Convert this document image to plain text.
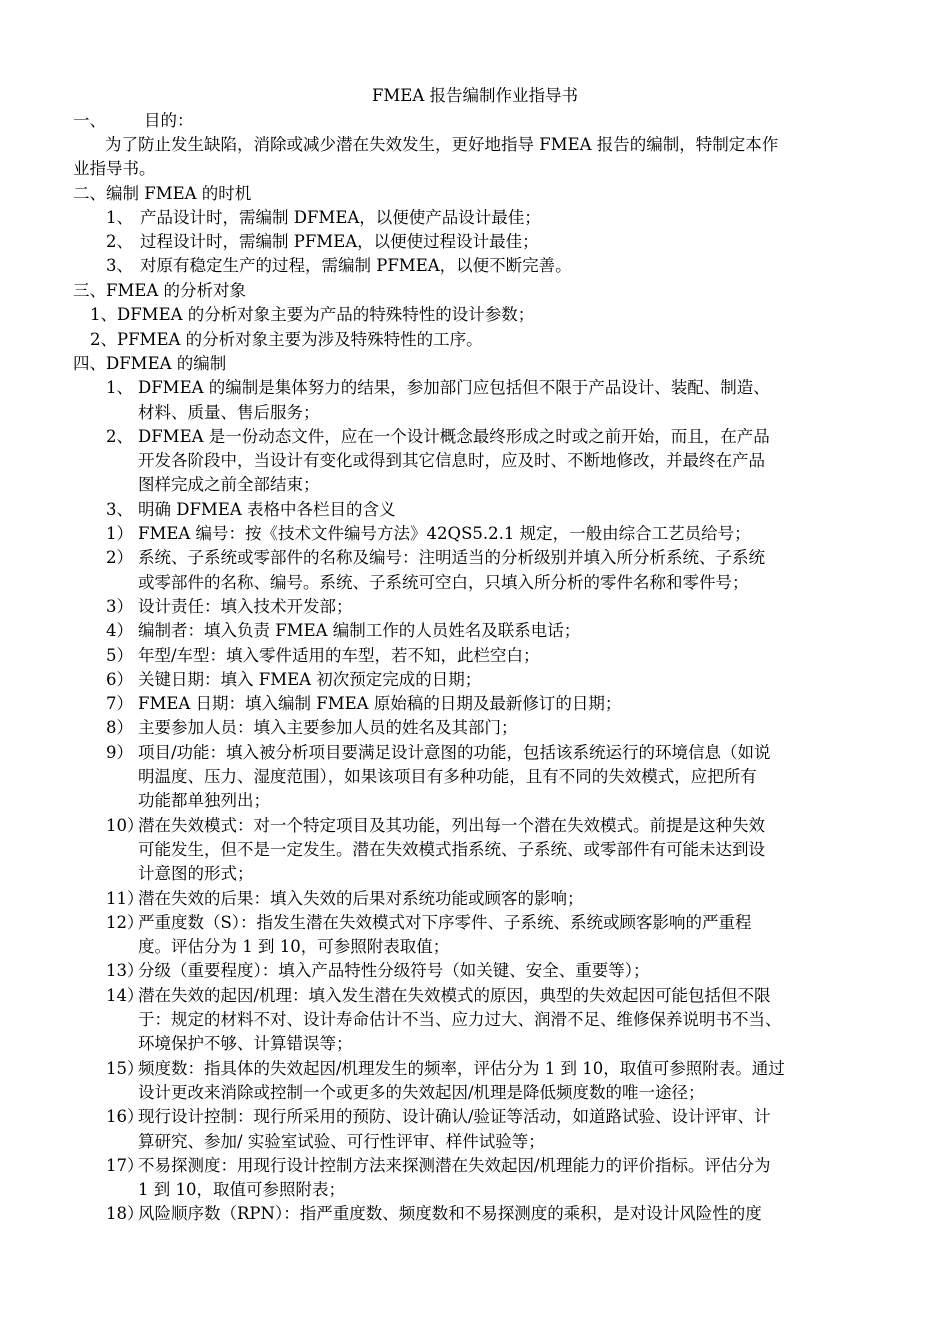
FMEA 报告编制作业指导书
一、 目的：
为了防止发生缺陷，消除或减少潜在失效发生，更好地指导 FMEA 报告的编制，特制定本作
业指导书。
二、编制 FMEA 的时机
1、 产品设计时，需编制 DFMEA，以便使产品设计最佳；
2、 过程设计时，需编制 PFMEA，以便使过程设计最佳；
3、 对原有稳定生产的过程，需编制 PFMEA，以便不断完善。
三、FMEA 的分析对象
1、DFMEA 的分析对象主要为产品的特殊特性的设计参数；
2、PFMEA 的分析对象主要为涉及特殊特性的工序。
四、DFMEA 的编制
1、 DFMEA 的编制是集体努力的结果，参加部门应包括但不限于产品设计、装配、制造、
材料、质量、售后服务；
2、 DFMEA 是一份动态文件，应在一个设计概念最终形成之时或之前开始，而且，在产品
开发各阶段中，当设计有变化或得到其它信息时，应及时、不断地修改，并最终在产品
图样完成之前全部结束；
3、 明确 DFMEA 表格中各栏目的含义
1） FMEA 编号：按《技术文件编号方法》42QS5.2.1 规定，一般由综合工艺员给号；
2） 系统、子系统或零部件的名称及编号：注明适当的分析级别并填入所分析系统、子系统
或零部件的名称、编号。系统、子系统可空白，只填入所分析的零件名称和零件号；
3） 设计责任：填入技术开发部；
4） 编制者：填入负责 FMEA 编制工作的人员姓名及联系电话；
5） 年型/车型：填入零件适用的车型，若不知，此栏空白；
6） 关键日期：填入 FMEA 初次预定完成的日期；
7） FMEA 日期：填入编制 FMEA 原始稿的日期及最新修订的日期；
8） 主要参加人员：填入主要参加人员的姓名及其部门；
9） 项目/功能：填入被分析项目要满足设计意图的功能，包括该系统运行的环境信息（如说
明温度、压力、湿度范围），如果该项目有多种功能，且有不同的失效模式，应把所有
功能都单独列出；
10）
潜在失效模式：对一个特定项目及其功能，列出每一个潜在失效模式。前提是这种失效
可能发生，但不是一定发生。潜在失效模式指系统、子系统、或零部件有可能未达到设
计意图的形式；
11）
潜在失效的后果：填入失效的后果对系统功能或顾客的影响；
12）
严重度数（S）：指发生潜在失效模式对下序零件、子系统、系统或顾客影响的严重程
度。评估分为 1 到 10，可参照附表取值；
13）
分级（重要程度）：填入产品特性分级符号（如关键、安全、重要等）；
14）
潜在失效的起因/机理：填入发生潜在失效模式的原因，典型的失效起因可能包括但不限
于：规定的材料不对、设计寿命估计不当、应力过大、润滑不足、维修保养说明书不当、
环境保护不够、计算错误等；
15）
频度数：指具体的失效起因/机理发生的频率，评估分为 1 到 10，取值可参照附表。通过
设计更改来消除或控制一个或更多的失效起因/机理是降低频度数的唯一途径；
16）
现行设计控制：现行所采用的预防、设计确认/验证等活动，如道路试验、设计评审、计
算研究、参加/ 实验室试验、可行性评审、样件试验等；
17）
不易探测度：用现行设计控制方法来探测潜在失效起因/机理能力的评价指标。评估分为
1 到 10，取值可参照附表；
18）
风险顺序数（RPN）：指严重度数、频度数和不易探测度的乘积，是对设计风险性的度
